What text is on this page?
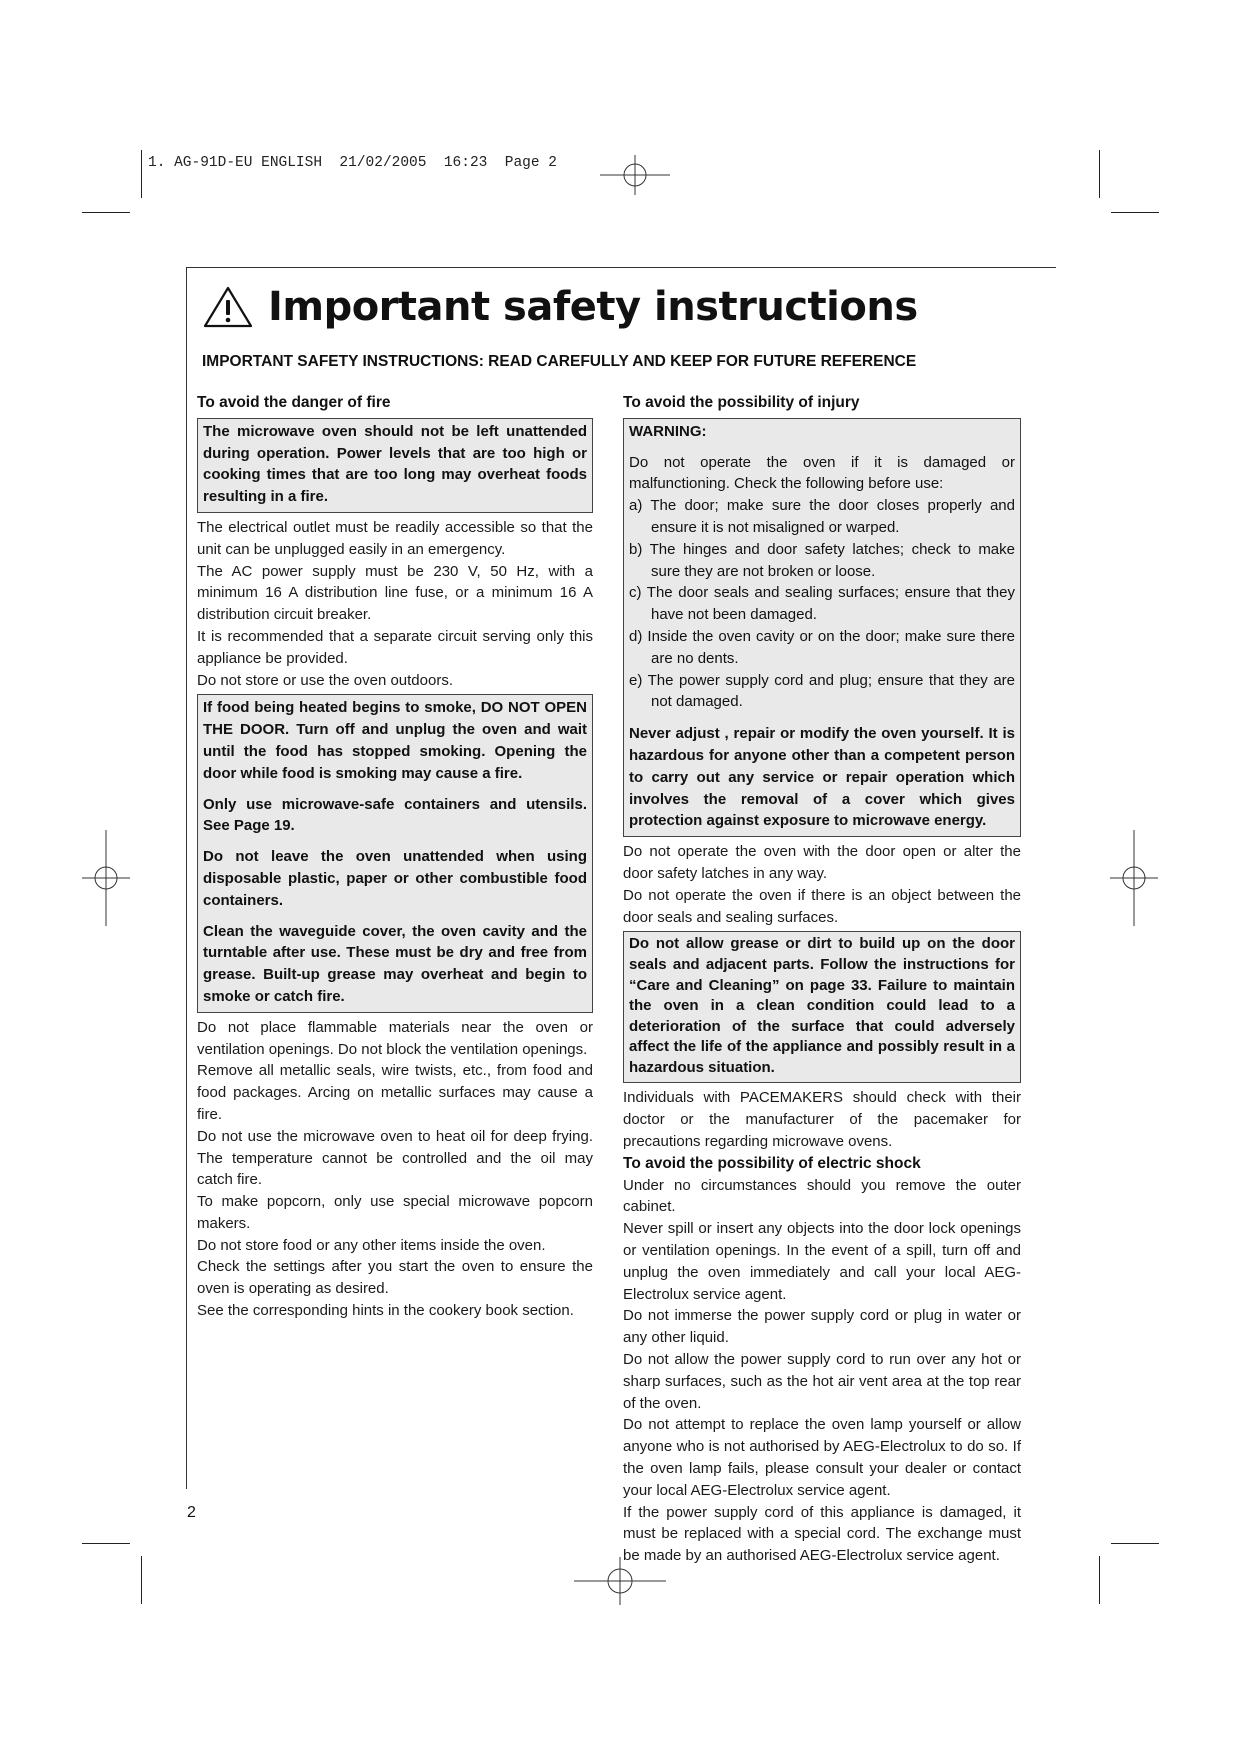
1. AG-91D-EU ENGLISH  21/02/2005  16:23  Page 2
Important safety instructions
IMPORTANT SAFETY INSTRUCTIONS: READ CAREFULLY AND KEEP FOR FUTURE REFERENCE
To avoid the danger of fire

The microwave oven should not be left unattended during operation. Power levels that are too high or cooking times that are too long may overheat foods resulting in a fire.

The electrical outlet must be readily accessible so that the unit can be unplugged easily in an emergency.

The AC power supply must be 230 V, 50 Hz, with a minimum 16 A distribution line fuse, or a minimum 16 A distribution circuit breaker.

It is recommended that a separate circuit serving only this appliance be provided.

Do not store or use the oven outdoors.

If food being heated begins to smoke, DO NOT OPEN THE DOOR. Turn off and unplug the oven and wait until the food has stopped smoking. Opening the door while food is smoking may cause a fire.

Only use microwave-safe containers and utensils. See Page 19.

Do not leave the oven unattended when using disposable plastic, paper or other combustible food containers.

Clean the waveguide cover, the oven cavity and the turntable after use. These must be dry and free from grease. Built-up grease may overheat and begin to smoke or catch fire.

Do not place flammable materials near the oven or ventilation openings. Do not block the ventilation openings.

Remove all metallic seals, wire twists, etc., from food and food packages. Arcing on metallic surfaces may cause a fire.

Do not use the microwave oven to heat oil for deep frying. The temperature cannot be controlled and the oil may catch fire.

To make popcorn, only use special microwave popcorn makers.

Do not store food or any other items inside the oven.

Check the settings after you start the oven to ensure the oven is operating as desired.

See the corresponding hints in the cookery book section.

To avoid the possibility of injury

WARNING:

Do not operate the oven if it is damaged or malfunctioning. Check the following before use:

a) The door; make sure the door closes properly and ensure it is not misaligned or warped.

b) The hinges and door safety latches; check to make sure they are not broken or loose.

c) The door seals and sealing surfaces; ensure that they have not been damaged.

d) Inside the oven cavity or on the door; make sure there are no dents.

e) The power supply cord and plug; ensure that they are not damaged.

Never adjust , repair or modify the oven yourself. It is hazardous for anyone other than a competent person to carry out any service or repair operation which involves the removal of a cover which gives protection against exposure to microwave energy.

Do not operate the oven with the door open or alter the door safety latches in any way.

Do not operate the oven if there is an object between the door seals and sealing surfaces.

Do not allow grease or dirt to build up on the door seals and adjacent parts. Follow the instructions for “Care and Cleaning” on page 33. Failure to maintain the oven in a clean condition could lead to a deterioration of the surface that could adversely affect the life of the appliance and possibly result in a hazardous situation.

Individuals with PACEMAKERS should check with their doctor or the manufacturer of the pacemaker for precautions regarding microwave ovens.

To avoid the possibility of electric shock

Under no circumstances should you remove the outer cabinet.

Never spill or insert any objects into the door lock openings or ventilation openings. In the event of a spill, turn off and unplug the oven immediately and call your local AEG-Electrolux service agent.

Do not immerse the power supply cord or plug in water or any other liquid.

Do not allow the power supply cord to run over any hot or sharp surfaces, such as the hot air vent area at the top rear of the oven.

Do not attempt to replace the oven lamp yourself or allow anyone who is not authorised by AEG-Electrolux to do so. If the oven lamp fails, please consult your dealer or contact your local AEG-Electrolux service agent.

If the power supply cord of this appliance is damaged, it must be replaced with a special cord. The exchange must be made by an authorised AEG-Electrolux service agent.

2
